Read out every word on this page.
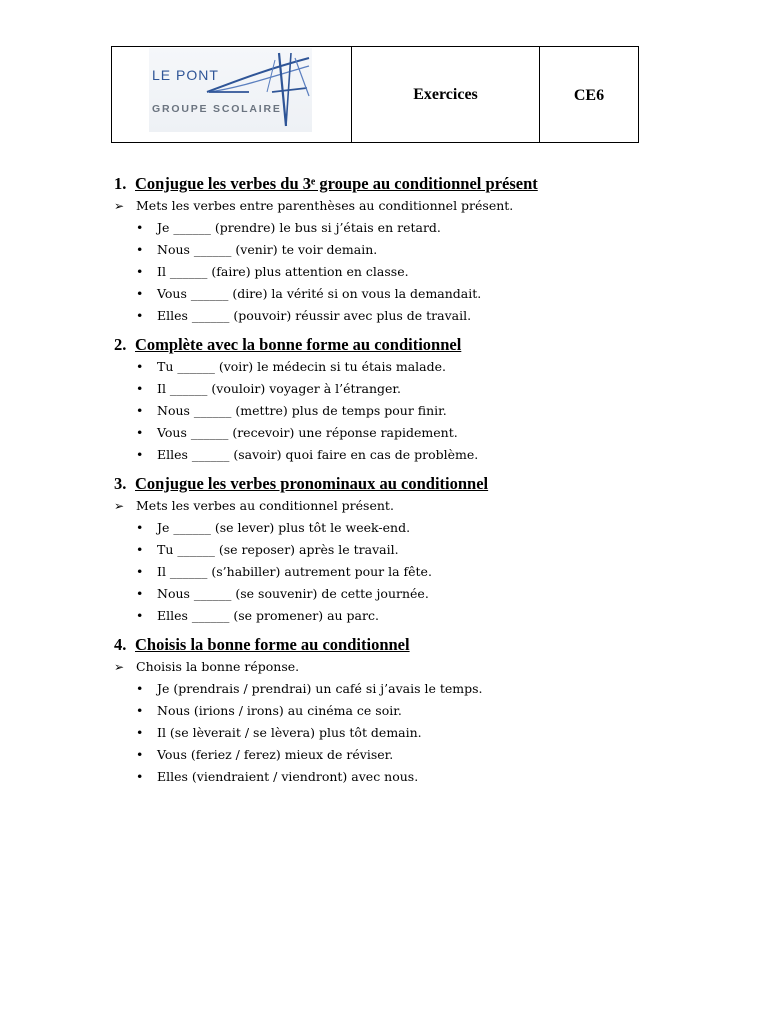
LE PONT
GROUPE SCOLAIRE
Exercices	CE6
1. Conjugue les verbes du 3ᵉ groupe au conditionnel présent
➢ Mets les verbes entre parenthèses au conditionnel présent.
•	Je ______ (prendre) le bus si j’étais en retard.
•	Nous ______ (venir) te voir demain.
•	Il ______ (faire) plus attention en classe.
•	Vous ______ (dire) la vérité si on vous la demandait.
•	Elles ______ (pouvoir) réussir avec plus de travail.
2. Complète avec la bonne forme au conditionnel
•	Tu ______ (voir) le médecin si tu étais malade.
•	Il ______ (vouloir) voyager à l’étranger.
•	Nous ______ (mettre) plus de temps pour finir.
•	Vous ______ (recevoir) une réponse rapidement.
•	Elles ______ (savoir) quoi faire en cas de problème.
3. Conjugue les verbes pronominaux au conditionnel
➢ Mets les verbes au conditionnel présent.
•	Je ______ (se lever) plus tôt le week-end.
•	Tu ______ (se reposer) après le travail.
•	Il ______ (s’habiller) autrement pour la fête.
•	Nous ______ (se souvenir) de cette journée.
•	Elles ______ (se promener) au parc.
4. Choisis la bonne forme au conditionnel
➢ Choisis la bonne réponse.
•	Je (prendrais / prendrai) un café si j’avais le temps.
•	Nous (irions / irons) au cinéma ce soir.
•	Il (se lèverait / se lèvera) plus tôt demain.
•	Vous (feriez / ferez) mieux de réviser.
•	Elles (viendraient / viendront) avec nous.
